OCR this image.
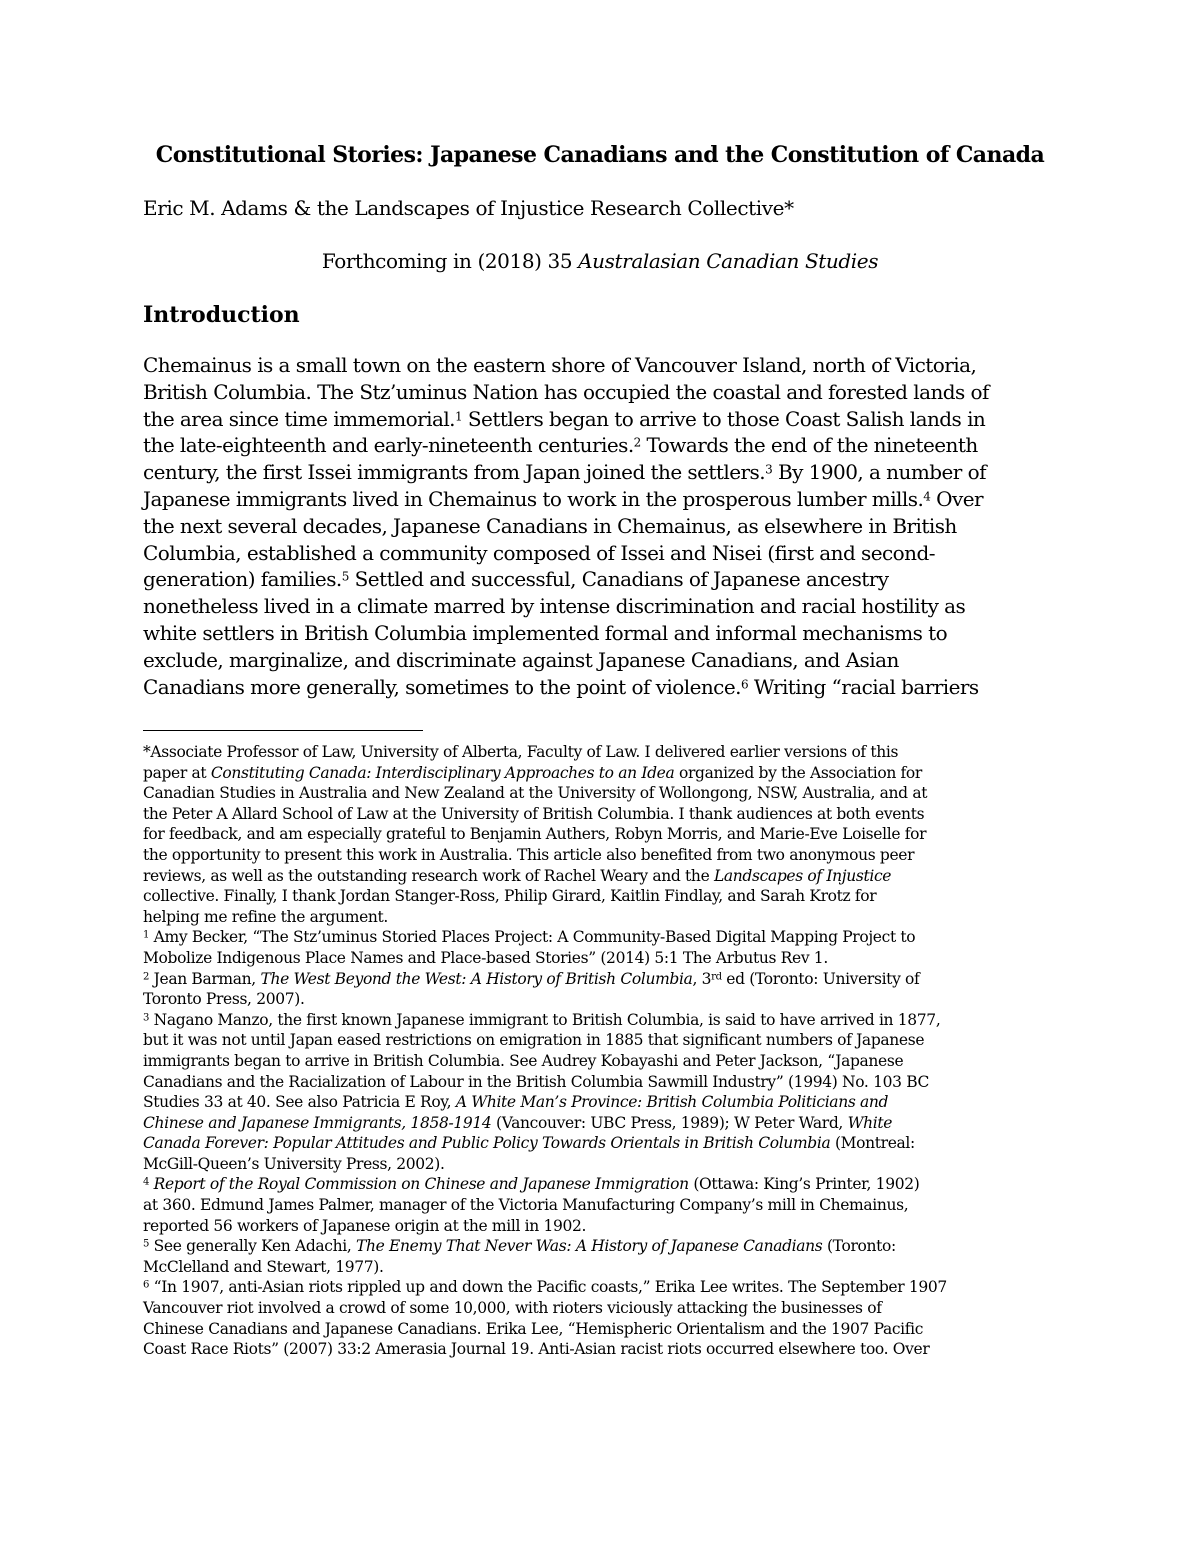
Constitutional Stories: Japanese Canadians and the Constitution of Canada

Eric M. Adams & the Landscapes of Injustice Research Collective*

Forthcoming in (2018) 35 Australasian Canadian Studies

Introduction
Chemainus is a small town on the eastern shore of Vancouver Island, north of Victoria,
British Columbia. The Stz’uminus Nation has occupied the coastal and forested lands of
the area since time immemorial.$^1$ Settlers began to arrive to those Coast Salish lands in
the late-eighteenth and early-nineteenth centuries.$^2$ Towards the end of the nineteenth
century, the first Issei immigrants from Japan joined the settlers.$^3$ By 1900, a number of
Japanese immigrants lived in Chemainus to work in the prosperous lumber mills.$^4$ Over
the next several decades, Japanese Canadians in Chemainus, as elsewhere in British
Columbia, established a community composed of Issei and Nisei (first and second-
generation) families.$^5$ Settled and successful, Canadians of Japanese ancestry
nonetheless lived in a climate marred by intense discrimination and racial hostility as
white settlers in British Columbia implemented formal and informal mechanisms to
exclude, marginalize, and discriminate against Japanese Canadians, and Asian
Canadians more generally, sometimes to the point of violence.$^6$ Writing “racial barriers
*Associate Professor of Law, University of Alberta, Faculty of Law. I delivered earlier versions of this
paper at Constituting Canada: Interdisciplinary Approaches to an Idea organized by the Association for
Canadian Studies in Australia and New Zealand at the University of Wollongong, NSW, Australia, and at
the Peter A Allard School of Law at the University of British Columbia. I thank audiences at both events
for feedback, and am especially grateful to Benjamin Authers, Robyn Morris, and Marie-Eve Loiselle for
the opportunity to present this work in Australia. This article also benefited from two anonymous peer
reviews, as well as the outstanding research work of Rachel Weary and the Landscapes of Injustice
collective. Finally, I thank Jordan Stanger-Ross, Philip Girard, Kaitlin Findlay, and Sarah Krotz for
helping me refine the argument.
$^1$ Amy Becker, “The Stz’uminus Storied Places Project: A Community-Based Digital Mapping Project to
Mobolize Indigenous Place Names and Place-based Stories” (2014) 5:1 The Arbutus Rev 1.
$^2$ Jean Barman, The West Beyond the West: A History of British Columbia, 3rd ed (Toronto: University of
Toronto Press, 2007).
$^3$ Nagano Manzo, the first known Japanese immigrant to British Columbia, is said to have arrived in 1877,
but it was not until Japan eased restrictions on emigration in 1885 that significant numbers of Japanese
immigrants began to arrive in British Columbia. See Audrey Kobayashi and Peter Jackson, “Japanese
Canadians and the Racialization of Labour in the British Columbia Sawmill Industry” (1994) No. 103 BC
Studies 33 at 40. See also Patricia E Roy, A White Man’s Province: British Columbia Politicians and
Chinese and Japanese Immigrants, 1858-1914 (Vancouver: UBC Press, 1989); W Peter Ward, White
Canada Forever: Popular Attitudes and Public Policy Towards Orientals in British Columbia (Montreal:
McGill-Queen’s University Press, 2002).
$^4$ Report of the Royal Commission on Chinese and Japanese Immigration (Ottawa: King’s Printer, 1902)
at 360. Edmund James Palmer, manager of the Victoria Manufacturing Company’s mill in Chemainus,
reported 56 workers of Japanese origin at the mill in 1902.
$^5$ See generally Ken Adachi, The Enemy That Never Was: A History of Japanese Canadians (Toronto:
McClelland and Stewart, 1977).
$^6$ “In 1907, anti-Asian riots rippled up and down the Pacific coasts,” Erika Lee writes. The September 1907
Vancouver riot involved a crowd of some 10,000, with rioters viciously attacking the businesses of
Chinese Canadians and Japanese Canadians. Erika Lee, “Hemispheric Orientalism and the 1907 Pacific
Coast Race Riots” (2007) 33:2 Amerasia Journal 19. Anti-Asian racist riots occurred elsewhere too. Over
